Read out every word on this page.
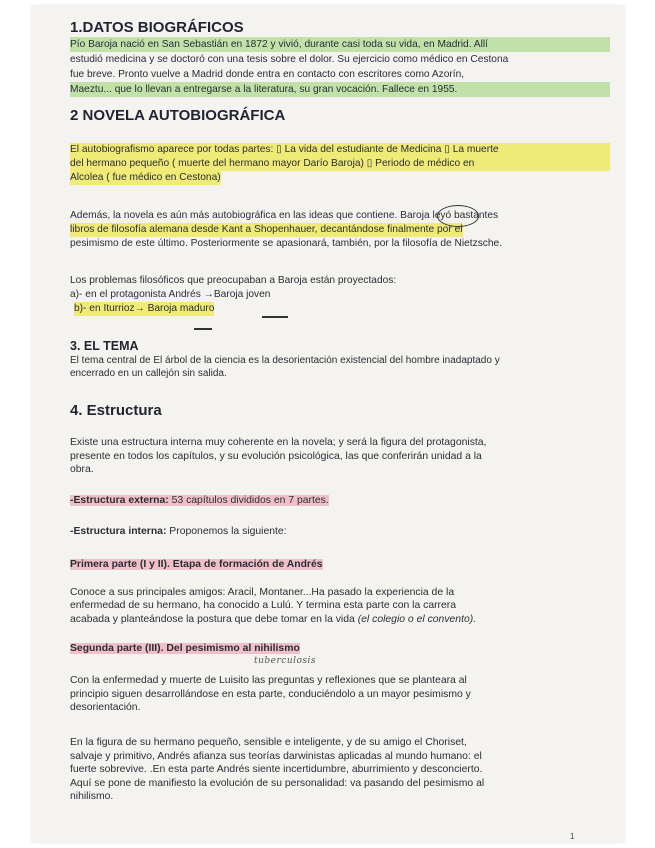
1.DATOS BIOGRÁFICOS

Pío Baroja nació en San Sebastián en 1872 y vivió, durante casi toda su vida, en Madrid. Allí
estudió medicina y se doctoró con una tesis sobre el dolor. Su ejercicio como médico en Cestona
fue breve. Pronto vuelve a Madrid donde entra en contacto con escritores como Azorín,
Maeztu... que lo llevan a entregarse a la literatura, su gran vocación. Fallece en 1955.

2 NOVELA AUTOBIOGRÁFICA

El autobiografismo aparece por todas partes: ▯ La vida del estudiante de Medicina ▯ La muerte
del hermano pequeño ( muerte del hermano mayor Darío Baroja) ▯ Periodo de médico en
Alcolea ( fue médico en Cestona)

Además, la novela es aún más autobiográfica en las ideas que contiene. Baroja leyó bastantes
libros de filosofía alemana desde Kant a Shopenhauer, decantándose finalmente por el
pesimismo de este último. Posteriormente se apasionará, también, por la filosofía de Nietzsche.

Los problemas filosóficos que preocupaban a Baroja están proyectados:
a)- en el protagonista Andrés →Baroja joven
b)- en Iturrioz→ Baroja maduro

3. EL TEMA

El tema central de El árbol de la ciencia es la desorientación existencial del hombre inadaptado y
encerrado en un callejón sin salida.

4. Estructura

Existe una estructura interna muy coherente en la novela; y será la figura del protagonista,
presente en todos los capítulos, y su evolución psicológica, las que conferirán unidad a la
obra.

-Estructura externa: 53 capítulos divididos en 7 partes.

-Estructura interna: Proponemos la siguiente:

Primera parte (I y II). Etapa de formación de Andrés

Conoce a sus principales amigos: Aracil, Montaner...Ha pasado la experiencia de la
enfermedad de su hermano, ha conocido a Lulú. Y termina esta parte con la carrera
acabada y planteándose la postura que debe tomar en la vida (el colegio o el convento).

Segunda parte (III). Del pesimismo al nihilismo

tuberculosis

Con la enfermedad y muerte de Luisito las preguntas y reflexiones que se planteara al
principio siguen desarrollándose en esta parte, conduciéndolo a un mayor pesimismo y
desorientación.

En la figura de su hermano pequeño, sensible e inteligente, y de su amigo el Choriset,
salvaje y primitivo, Andrés afianza sus teorías darwinistas aplicadas al mundo humano: el
fuerte sobrevive. .En esta parte Andrés siente incertidumbre, aburrimiento y desconcierto.
Aquí se pone de manifiesto la evolución de su personalidad: va pasando del pesimismo al
nihilismo.

1
